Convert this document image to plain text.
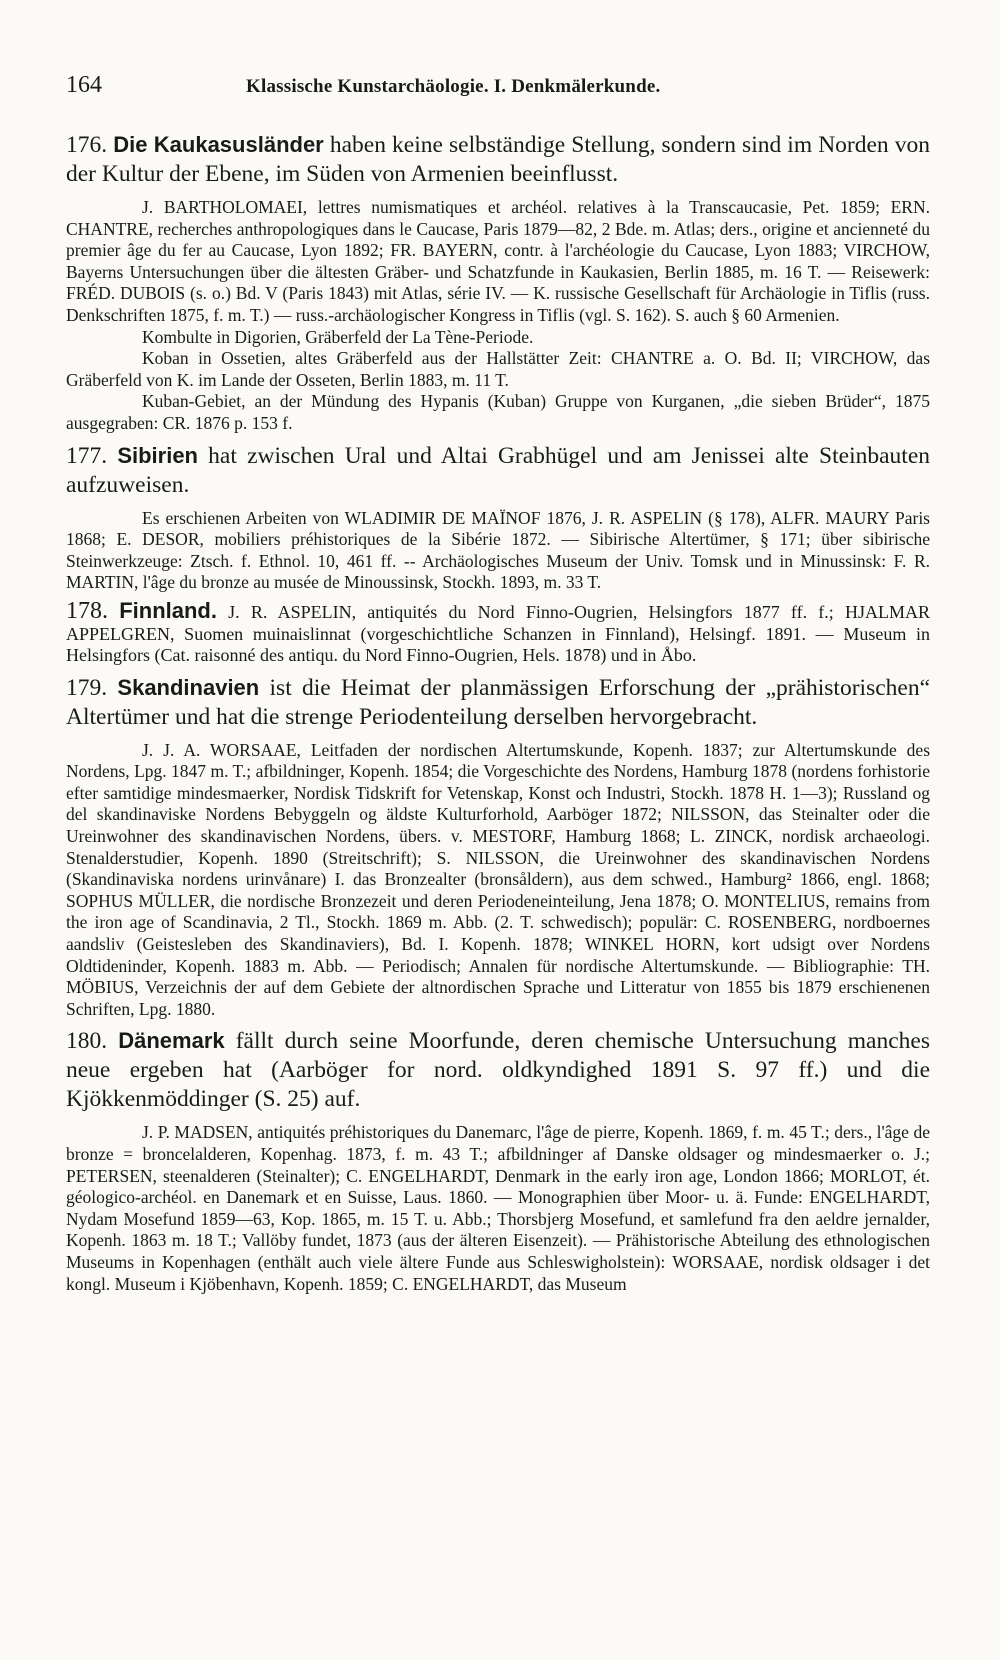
164	Klassische Kunstarchäologie. I. Denkmälerkunde.

176. Die Kaukasusländer haben keine selbständige Stellung, sondern sind im Norden von der Kultur der Ebene, im Süden von Armenien beeinflusst.

J. BARTHOLOMAEI, lettres numismatiques et archéol. relatives à la Transcaucasie, Pet. 1859; ERN. CHANTRE, recherches anthropologiques dans le Caucase, Paris 1879—82, 2 Bde. m. Atlas; ders., origine et ancienneté du premier âge du fer au Caucase, Lyon 1892; FR. BAYERN, contr. à l'archéologie du Caucase, Lyon 1883; VIRCHOW, Bayerns Untersuchungen über die ältesten Gräber- und Schatzfunde in Kaukasien, Berlin 1885, m. 16 T. — Reisewerk: FRÉD. DUBOIS (s. o.) Bd. V (Paris 1843) mit Atlas, série IV. — K. russische Gesellschaft für Archäologie in Tiflis (russ. Denkschriften 1875, f. m. T.) — russ.-archäologischer Kongress in Tiflis (vgl. S. 162). S. auch § 60 Armenien.

Kombulte in Digorien, Gräberfeld der La Tène-Periode.

Koban in Ossetien, altes Gräberfeld aus der Hallstätter Zeit: CHANTRE a. O. Bd. II; VIRCHOW, das Gräberfeld von K. im Lande der Osseten, Berlin 1883, m. 11 T.

Kuban-Gebiet, an der Mündung des Hypanis (Kuban) Gruppe von Kurganen, „die sieben Brüder“, 1875 ausgegraben: CR. 1876 p. 153 f.

177. Sibirien hat zwischen Ural und Altai Grabhügel und am Jenissei alte Steinbauten aufzuweisen.

Es erschienen Arbeiten von WLADIMIR DE MAÏNOF 1876, J. R. ASPELIN (§ 178), ALFR. MAURY Paris 1868; E. DESOR, mobiliers préhistoriques de la Sibérie 1872. — Sibirische Altertümer, § 171; über sibirische Steinwerkzeuge: Ztsch. f. Ethnol. 10, 461 ff. -- Archäologisches Museum der Univ. Tomsk und in Minussinsk: F. R. MARTIN, l'âge du bronze au musée de Minoussinsk, Stockh. 1893, m. 33 T.

178. Finnland. J. R. ASPELIN, antiquités du Nord Finno-Ougrien, Helsingfors 1877 ff. f.; HJALMAR APPELGREN, Suomen muinaislinnat (vorgeschichtliche Schanzen in Finnland), Helsingf. 1891. — Museum in Helsingfors (Cat. raisonné des antiqu. du Nord Finno-Ougrien, Hels. 1878) und in Åbo.

179. Skandinavien ist die Heimat der planmässigen Erforschung der „prähistorischen“ Altertümer und hat die strenge Periodenteilung derselben hervorgebracht.

J. J. A. WORSAAE, Leitfaden der nordischen Altertumskunde, Kopenh. 1837; zur Altertumskunde des Nordens, Lpg. 1847 m. T.; afbildninger, Kopenh. 1854; die Vorgeschichte des Nordens, Hamburg 1878 (nordens forhistorie efter samtidige mindesmaerker, Nordisk Tidskrift for Vetenskap, Konst och Industri, Stockh. 1878 H. 1—3); Russland og del skandinaviske Nordens Bebyggeln og äldste Kulturforhold, Aarböger 1872; NILSSON, das Steinalter oder die Ureinwohner des skandinavischen Nordens, übers. v. MESTORF, Hamburg 1868; L. ZINCK, nordisk archaeologi. Stenalderstudier, Kopenh. 1890 (Streitschrift); S. NILSSON, die Ureinwohner des skandinavischen Nordens (Skandinaviska nordens urinvånare) I. das Bronzealter (bronsåldern), aus dem schwed., Hamburg² 1866, engl. 1868; SOPHUS MÜLLER, die nordische Bronzezeit und deren Periodeneinteilung, Jena 1878; O. MONTELIUS, remains from the iron age of Scandinavia, 2 Tl., Stockh. 1869 m. Abb. (2. T. schwedisch); populär: C. ROSENBERG, nordboernes aandsliv (Geistesleben des Skandinaviers), Bd. I. Kopenh. 1878; WINKEL HORN, kort udsigt over Nordens Oldtideninder, Kopenh. 1883 m. Abb. — Periodisch; Annalen für nordische Altertumskunde. — Bibliographie: TH. MÖBIUS, Verzeichnis der auf dem Gebiete der altnordischen Sprache und Litteratur von 1855 bis 1879 erschienenen Schriften, Lpg. 1880.

180. Dänemark fällt durch seine Moorfunde, deren chemische Untersuchung manches neue ergeben hat (Aarböger for nord. oldkyndighed 1891 S. 97 ff.) und die Kjökkenmöddinger (S. 25) auf.

J. P. MADSEN, antiquités préhistoriques du Danemarc, l'âge de pierre, Kopenh. 1869, f. m. 45 T.; ders., l'âge de bronze = broncelalderen, Kopenhag. 1873, f. m. 43 T.; afbildninger af Danske oldsager og mindesmaerker o. J.; PETERSEN, steenalderen (Steinalter); C. ENGELHARDT, Denmark in the early iron age, London 1866; MORLOT, ét. géologico-archéol. en Danemark et en Suisse, Laus. 1860. — Monographien über Moor- u. ä. Funde: ENGELHARDT, Nydam Mosefund 1859—63, Kop. 1865, m. 15 T. u. Abb.; Thorsbjerg Mosefund, et samlefund fra den aeldre jernalder, Kopenh. 1863 m. 18 T.; Vallöby fundet, 1873 (aus der älteren Eisenzeit). — Prähistorische Abteilung des ethnologischen Museums in Kopenhagen (enthält auch viele ältere Funde aus Schleswigholstein): WORSAAE, nordisk oldsager i det kongl. Museum i Kjöbenhavn, Kopenh. 1859; C. ENGELHARDT, das Museum
